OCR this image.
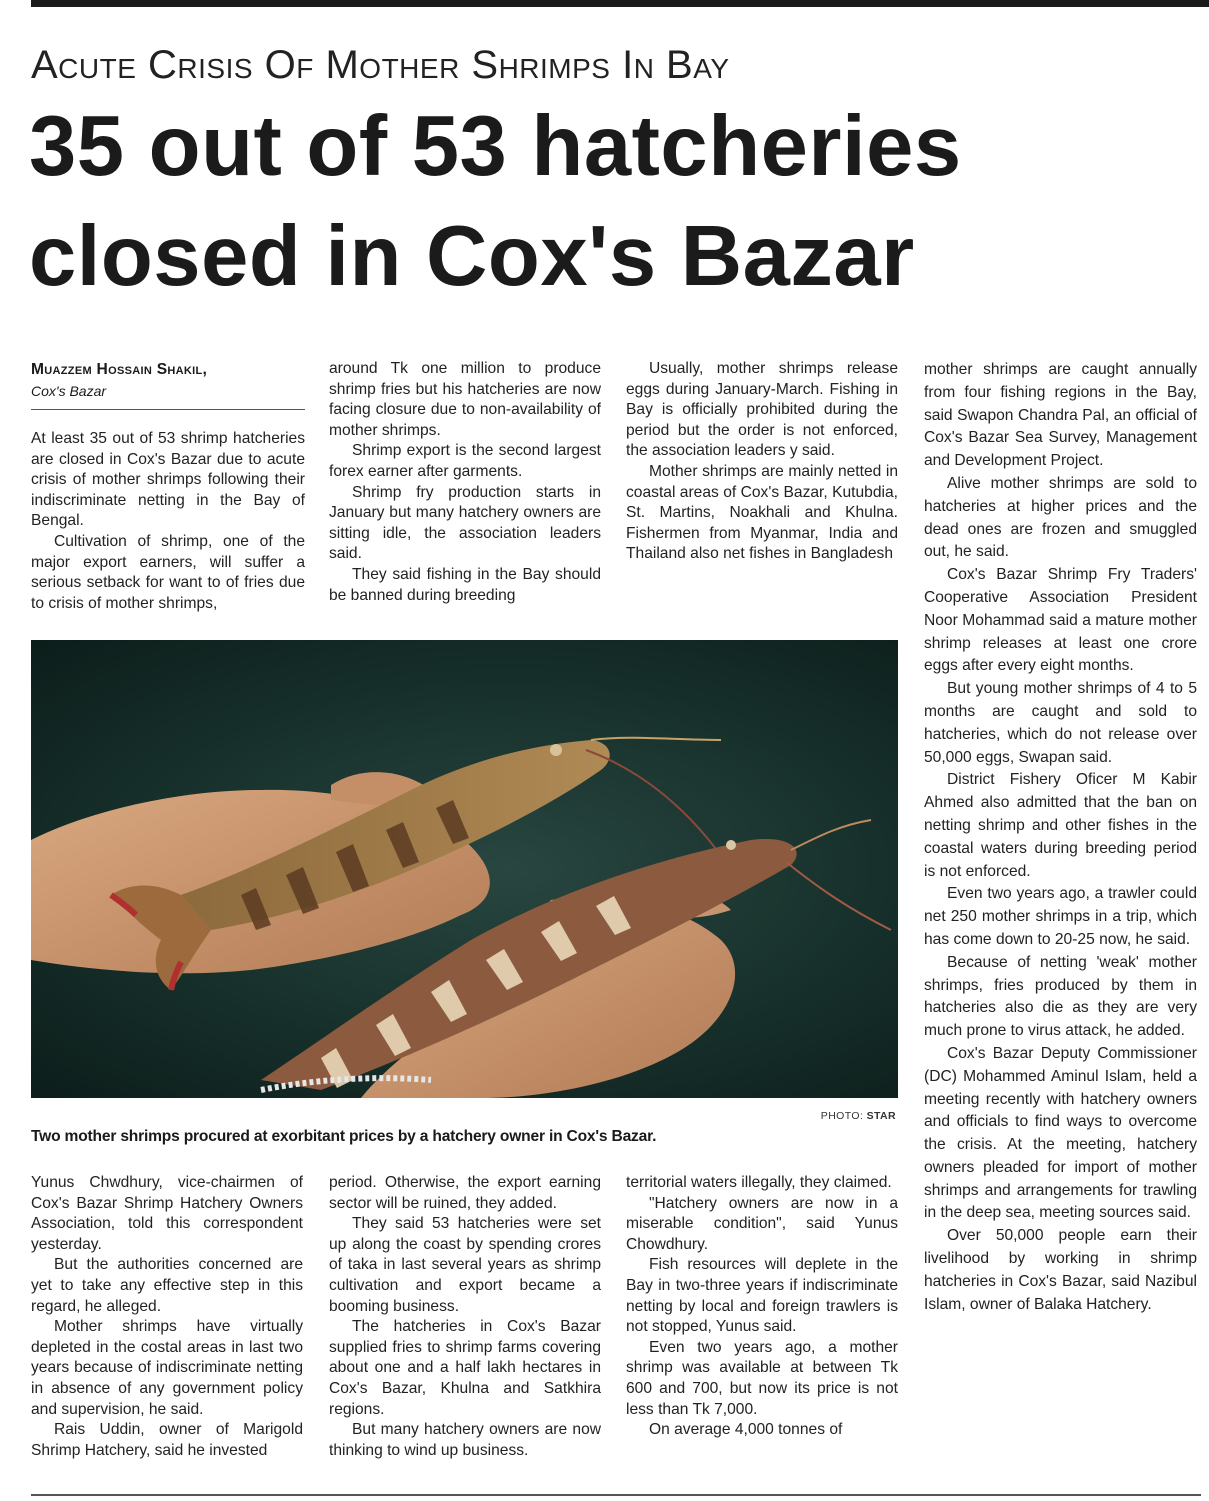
Acute Crisis Of Mother Shrimps In Bay
35 out of 53 hatcheries closed in Cox's Bazar
Muazzem Hossain Shakil,
Cox's Bazar

At least 35 out of 53 shrimp hatcheries are closed in Cox's Bazar due to acute crisis of mother shrimps following their indiscriminate netting in the Bay of Bengal.

Cultivation of shrimp, one of the major export earners, will suffer a serious setback for want to of fries due to crisis of mother shrimps,

around Tk one million to produce shrimp fries but his hatcheries are now facing closure due to non-availability of mother shrimps.

Shrimp export is the second largest forex earner after garments.

Shrimp fry production starts in January but many hatchery owners are sitting idle, the association leaders said.

They said fishing in the Bay should be banned during breeding

Usually, mother shrimps release eggs during January-March. Fishing in Bay is officially prohibited during the period but the order is not enforced, the association leaders y said.

Mother shrimps are mainly netted in coastal areas of Cox's Bazar, Kutubdia, St. Martins, Noakhali and Khulna. Fishermen from Myanmar, India and Thailand also net fishes in Bangladesh

mother shrimps are caught annually from four fishing regions in the Bay, said Swapon Chandra Pal, an official of Cox's Bazar Sea Survey, Management and Development Project.

Alive mother shrimps are sold to hatcheries at higher prices and the dead ones are frozen and smuggled out, he said.

Cox's Bazar Shrimp Fry Traders' Cooperative Association President Noor Mohammad said a mature mother shrimp releases at least one crore eggs after every eight months.

But young mother shrimps of 4 to 5 months are caught and sold to hatcheries, which do not release over 50,000 eggs, Swapan said.

District Fishery Oficer M Kabir Ahmed also admitted that the ban on netting shrimp and other fishes in the coastal waters during breeding period is not enforced.

Even two years ago, a trawler could net 250 mother shrimps in a trip, which has come down to 20-25 now, he said.

Because of netting 'weak' mother shrimps, fries produced by them in hatcheries also die as they are very much prone to virus attack, he added.

Cox's Bazar Deputy Commissioner (DC) Mohammed Aminul Islam, held a meeting recently with hatchery owners and officials to find ways to overcome the crisis. At the meeting, hatchery owners pleaded for import of mother shrimps and arrangements for trawling in the deep sea, meeting sources said.

Over 50,000 people earn their livelihood by working in shrimp hatcheries in Cox's Bazar, said Nazibul Islam, owner of Balaka Hatchery.

PHOTO: STAR
Two mother shrimps procured at exorbitant prices by a hatchery owner in Cox's Bazar.

Yunus Chwdhury, vice-chairmen of Cox's Bazar Shrimp Hatchery Owners Association, told this correspondent yesterday.

But the authorities concerned are yet to take any effective step in this regard, he alleged.

Mother shrimps have virtually depleted in the costal areas in last two years because of indiscriminate netting in absence of any government policy and supervision, he said.

Rais Uddin, owner of Marigold Shrimp Hatchery, said he invested

period. Otherwise, the export earning sector will be ruined, they added.

They said 53 hatcheries were set up along the coast by spending crores of taka in last several years as shrimp cultivation and export became a booming business.

The hatcheries in Cox's Bazar supplied fries to shrimp farms covering about one and a half lakh hectares in Cox's Bazar, Khulna and Satkhira regions.

But many hatchery owners are now thinking to wind up business.

territorial waters illegally, they claimed.

"Hatchery owners are now in a miserable condition", said Yunus Chowdhury.

Fish resources will deplete in the Bay in two-three years if indiscriminate netting by local and foreign trawlers is not stopped, Yunus said.

Even two years ago, a mother shrimp was available at between Tk 600 and 700, but now its price is not less than Tk 7,000.

On average 4,000 tonnes of
